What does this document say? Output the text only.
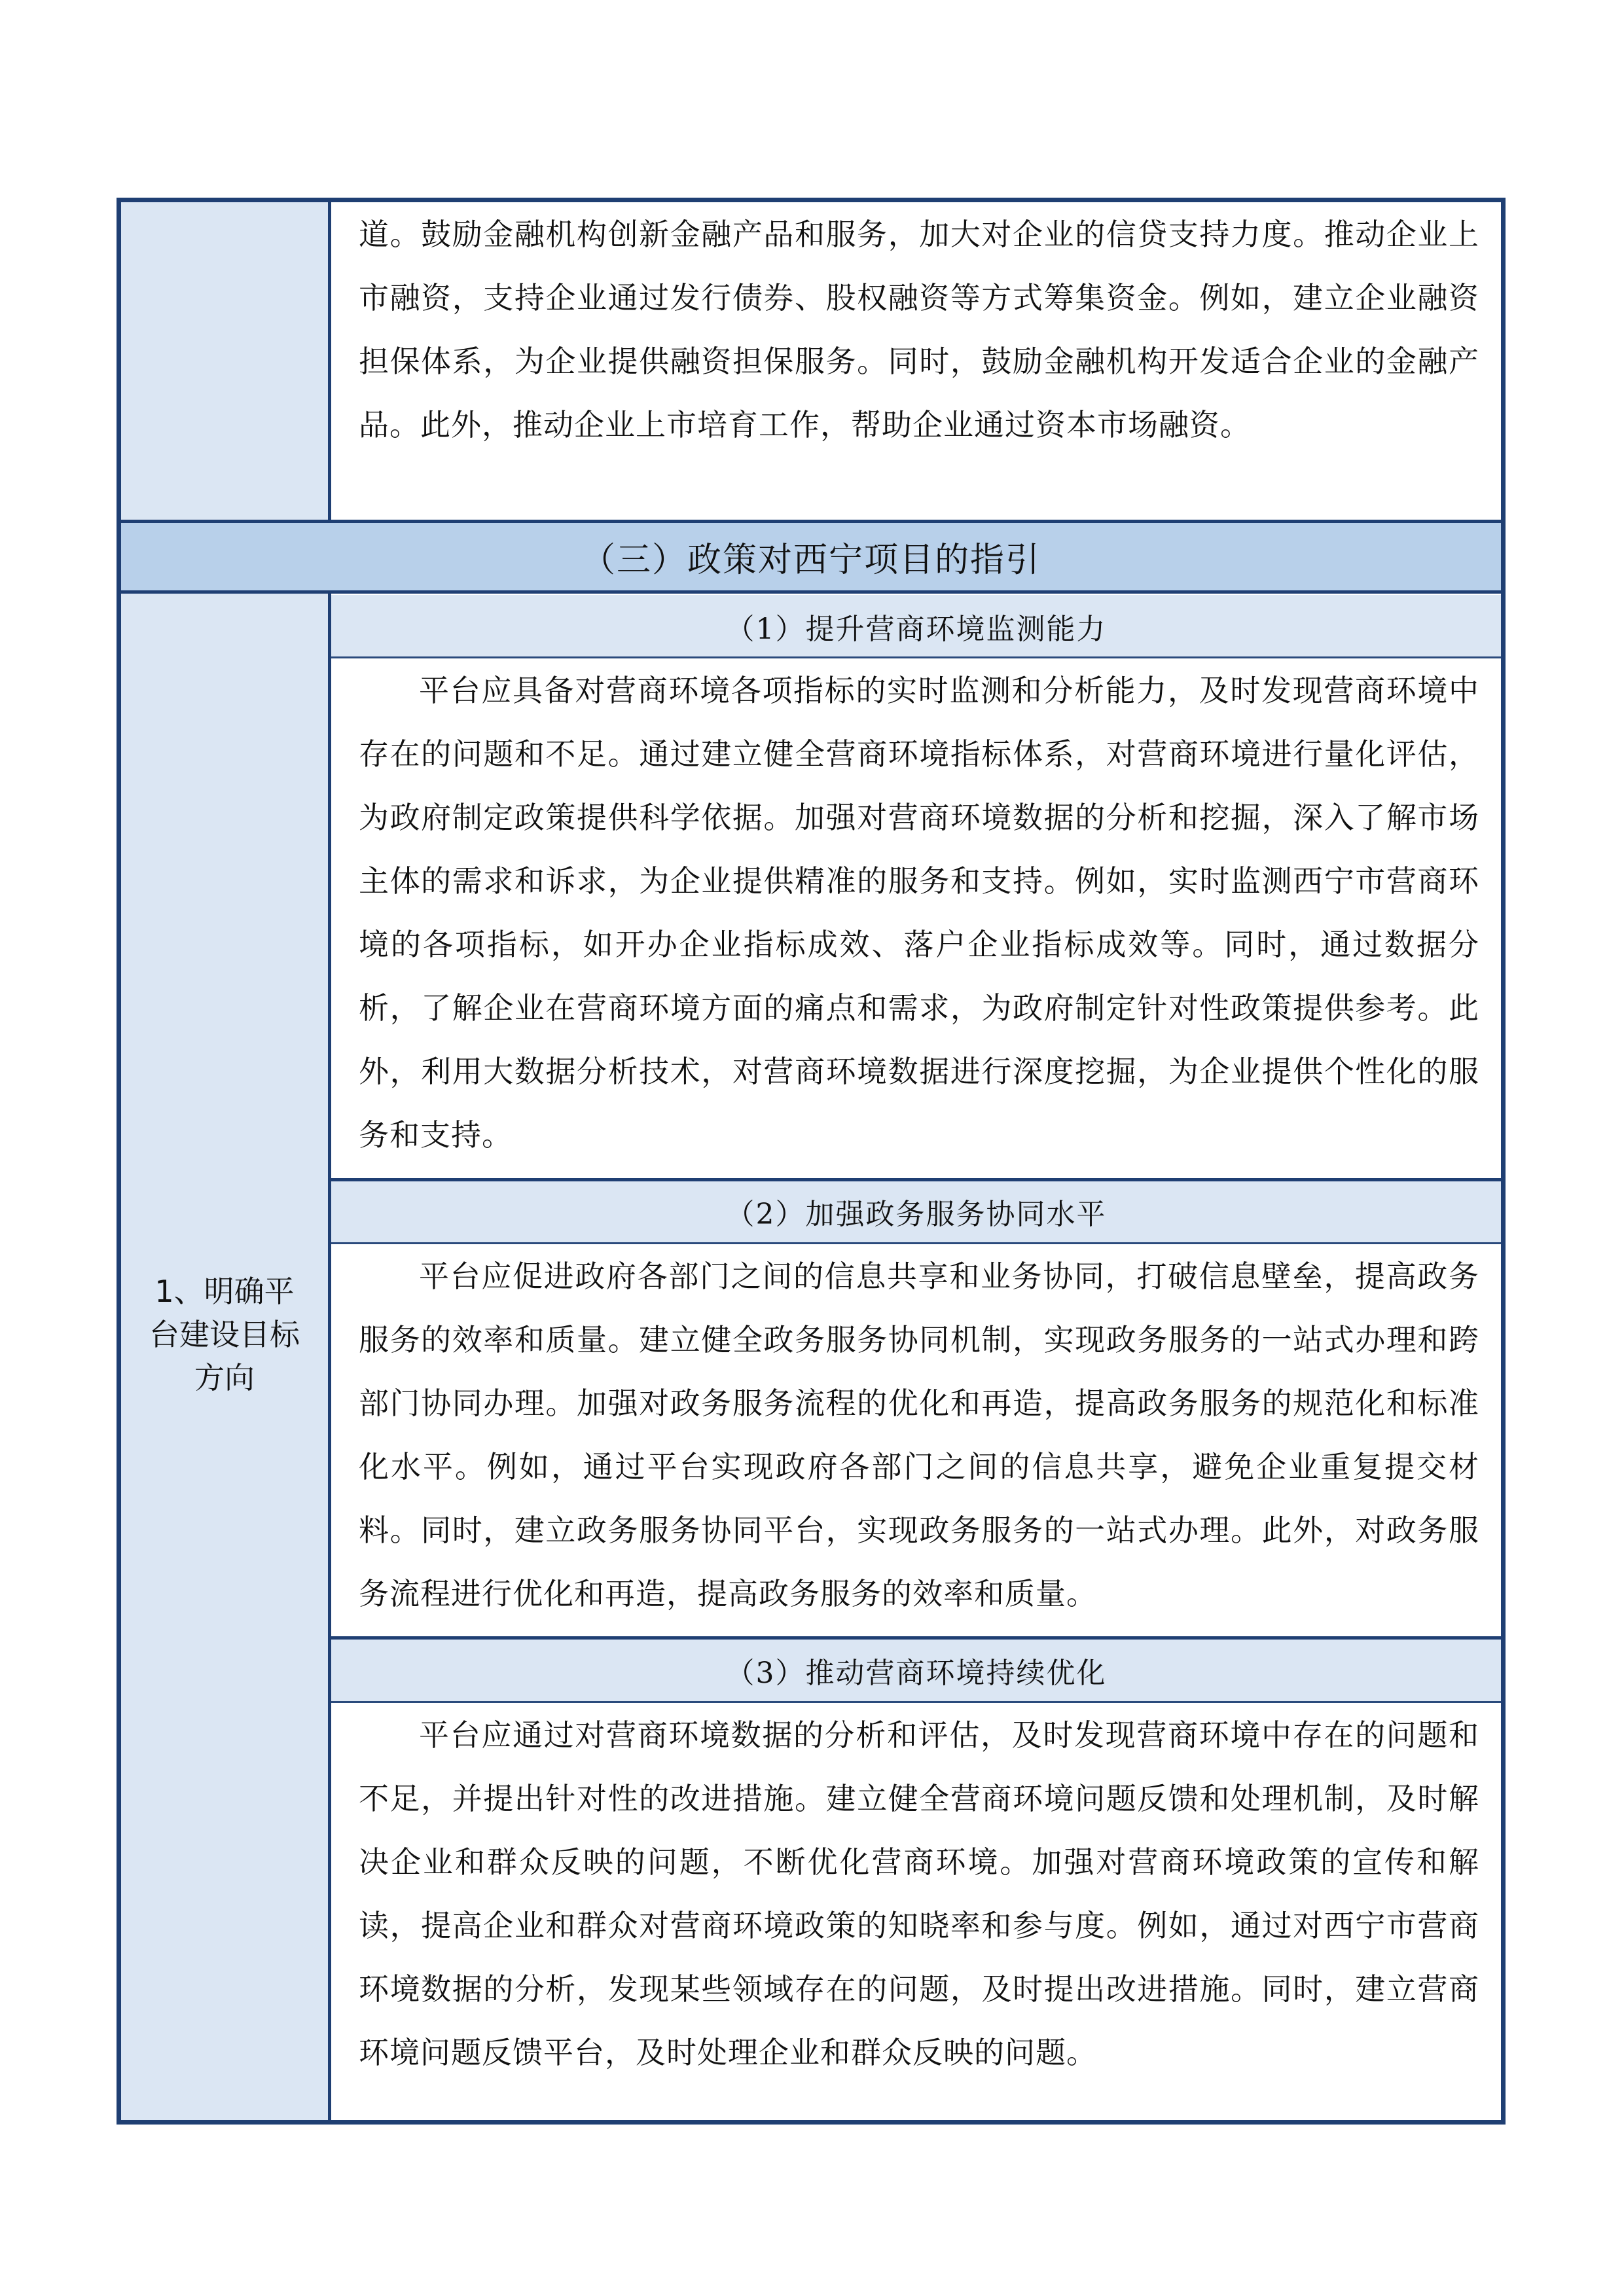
（三）政策对西宁项目的指引
（1）提升营商环境监测能力
（2）加强政务服务协同水平
（3）推动营商环境持续优化

道。鼓励金融机构创新金融产品和服务，加大对企业的信贷支持力度。推动企业上市融资，支持企业通过发行债券、股权融资等方式筹集资金。例如，建立企业融资担保体系，为企业提供融资担保服务。同时，鼓励金融机构开发适合企业的金融产品。此外，推动企业上市培育工作，帮助企业通过资本市场融资。

1、明确平台建设目标方向

平台应具备对营商环境各项指标的实时监测和分析能力，及时发现营商环境中存在的问题和不足。通过建立健全营商环境指标体系，对营商环境进行量化评估，为政府制定政策提供科学依据。加强对营商环境数据的分析和挖掘，深入了解市场主体的需求和诉求，为企业提供精准的服务和支持。例如，实时监测西宁市营商环境的各项指标，如开办企业指标成效、落户企业指标成效等。同时，通过数据分析，了解企业在营商环境方面的痛点和需求，为政府制定针对性政策提供参考。此外，利用大数据分析技术，对营商环境数据进行深度挖掘，为企业提供个性化的服务和支持。

平台应促进政府各部门之间的信息共享和业务协同，打破信息壁垒，提高政务服务的效率和质量。建立健全政务服务协同机制，实现政务服务的一站式办理和跨部门协同办理。加强对政务服务流程的优化和再造，提高政务服务的规范化和标准化水平。例如，通过平台实现政府各部门之间的信息共享，避免企业重复提交材料。同时，建立政务服务协同平台，实现政务服务的一站式办理。此外，对政务服务流程进行优化和再造，提高政务服务的效率和质量。

平台应通过对营商环境数据的分析和评估，及时发现营商环境中存在的问题和不足，并提出针对性的改进措施。建立健全营商环境问题反馈和处理机制，及时解决企业和群众反映的问题，不断优化营商环境。加强对营商环境政策的宣传和解读，提高企业和群众对营商环境政策的知晓率和参与度。例如，通过对西宁市营商环境数据的分析，发现某些领域存在的问题，及时提出改进措施。同时，建立营商环境问题反馈平台，及时处理企业和群众反映的问题。
